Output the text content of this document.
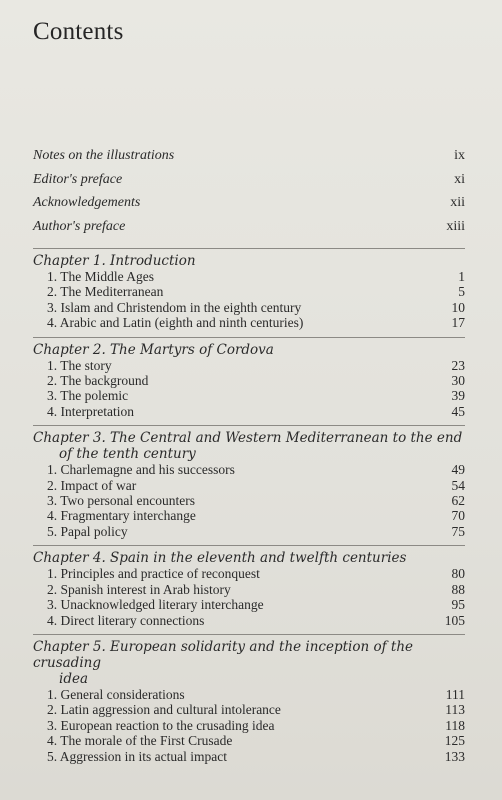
Contents
Notes on the illustrations	ix
Editor's preface	xi
Acknowledgements	xii
Author's preface	xiii
Chapter 1. Introduction
1. The Middle Ages	1
2. The Mediterranean	5
3. Islam and Christendom in the eighth century	10
4. Arabic and Latin (eighth and ninth centuries)	17
Chapter 2. The Martyrs of Cordova
1. The story	23
2. The background	30
3. The polemic	39
4. Interpretation	45
Chapter 3. The Central and Western Mediterranean to the end
of the tenth century
1. Charlemagne and his successors	49
2. Impact of war	54
3. Two personal encounters	62
4. Fragmentary interchange	70
5. Papal policy	75
Chapter 4. Spain in the eleventh and twelfth centuries
1. Principles and practice of reconquest	80
2. Spanish interest in Arab history	88
3. Unacknowledged literary interchange	95
4. Direct literary connections	105
Chapter 5. European solidarity and the inception of the crusading
idea
1. General considerations	111
2. Latin aggression and cultural intolerance	113
3. European reaction to the crusading idea	118
4. The morale of the First Crusade	125
5. Aggression in its actual impact	133
